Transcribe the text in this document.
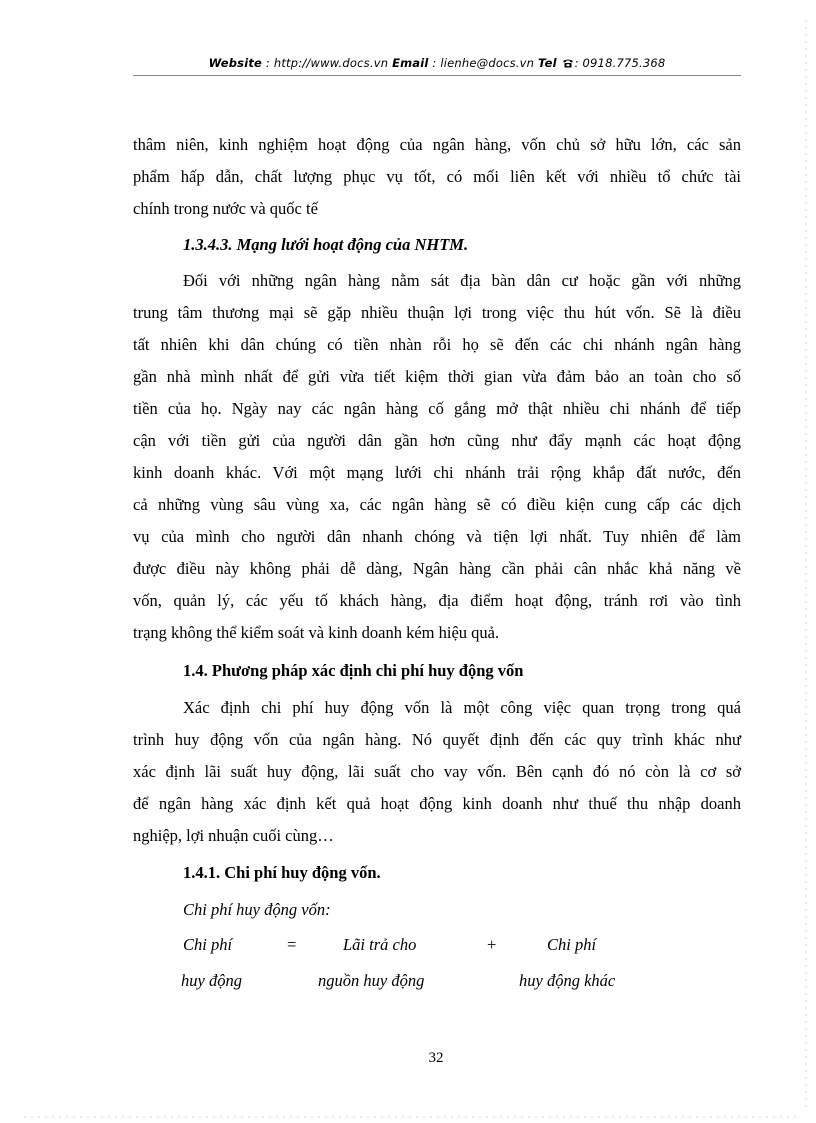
Website : http://www.docs.vn Email : lienhe@docs.vn Tel : 0918.775.368
thâm niên, kinh nghiệm hoạt động của ngân hàng, vốn chủ sở hữu lớn, các sản
phẩm hấp dẫn, chất lượng phục vụ tốt, có mối liên kết với nhiều tổ chức tài
chính trong nước và quốc tế
1.3.4.3. Mạng lưới hoạt động của NHTM.
Đối với những ngân hàng nằm sát địa bàn dân cư hoặc gần với những
trung tâm thương mại sẽ gặp nhiều thuận lợi trong việc thu hút vốn. Sẽ là điều
tất nhiên khi dân chúng có tiền nhàn rỗi họ sẽ đến các chi nhánh ngân hàng
gần nhà mình nhất để gửi vừa tiết kiệm thời gian vừa đảm bảo an toàn cho số
tiền của họ. Ngày nay các ngân hàng cố gắng mở thật nhiều chi nhánh để tiếp
cận với tiền gửi của người dân gần hơn cũng như đẩy mạnh các hoạt động
kinh doanh khác. Với một mạng lưới chi nhánh trải rộng khắp đất nước, đến
cả những vùng sâu vùng xa, các ngân hàng sẽ có điều kiện cung cấp các dịch
vụ của mình cho người dân nhanh chóng và tiện lợi nhất. Tuy nhiên để làm
được điều này không phải dễ dàng, Ngân hàng cần phải cân nhắc khả năng về
vốn, quản lý, các yếu tố khách hàng, địa điểm hoạt động, tránh rơi vào tình
trạng không thể kiểm soát và kinh doanh kém hiệu quả.
1.4. Phương pháp xác định chi phí huy động vốn
Xác định chi phí huy động vốn là một công việc quan trọng trong quá
trình huy động vốn của ngân hàng. Nó quyết định đến các quy trình khác như
xác định lãi suất huy động, lãi suất cho vay vốn. Bên cạnh đó nó còn là cơ sở
để ngân hàng xác định kết quả hoạt động kinh doanh như thuế thu nhập doanh
nghiệp, lợi nhuận cuối cùng…
1.4.1. Chi phí huy động vốn.
Chi phí huy động vốn:
Chi phí	=	Lãi trả cho	+	Chi phí
huy động	nguồn huy động	huy động khác
32
